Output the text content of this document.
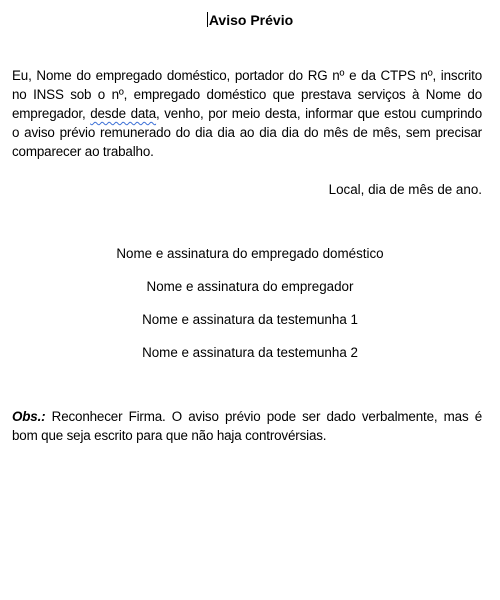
Aviso Prévio
Eu, Nome do empregado doméstico, portador do RG nº e da CTPS nº, inscrito no INSS sob o nº, empregado doméstico que prestava serviços à Nome do empregador, desde data, venho, por meio desta, informar que estou cumprindo o aviso prévio remunerado do dia dia ao dia dia do mês de mês, sem precisar comparecer ao trabalho.
Local, dia de mês de ano.
Nome e assinatura do empregado doméstico
Nome e assinatura do empregador
Nome e assinatura da testemunha 1
Nome e assinatura da testemunha 2
Obs.: Reconhecer Firma. O aviso prévio pode ser dado verbalmente, mas é bom que seja escrito para que não haja controvérsias.
